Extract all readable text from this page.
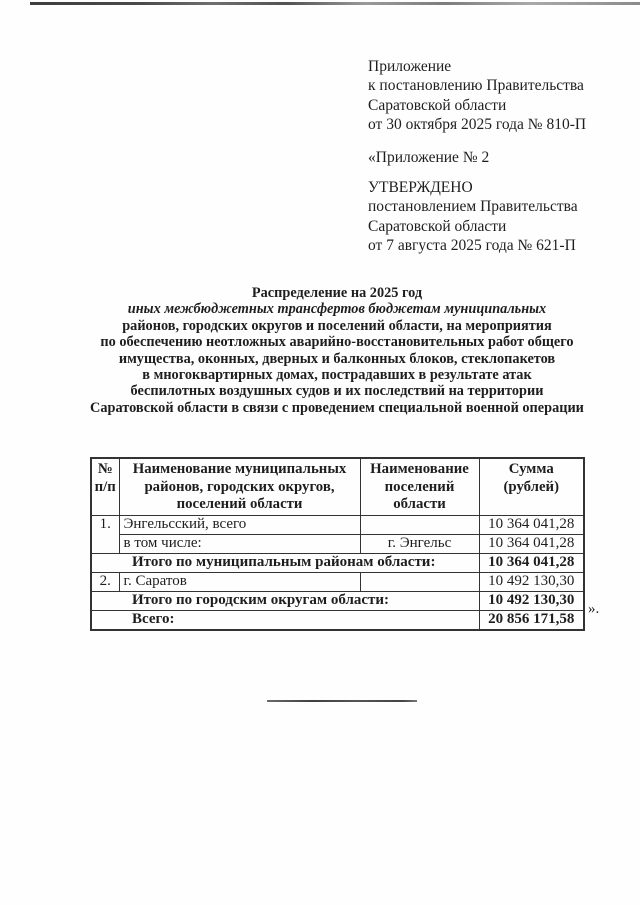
Приложение
к постановлению Правительства
Саратовской области
от 30 октября 2025 года № 810-П
«Приложение № 2
УТВЕРЖДЕНО
постановлением Правительства
Саратовской области
от 7 августа 2025 года № 621-П
Распределение на 2025 год
иных межбюджетных трансфертов бюджетам муниципальных
районов, городских округов и поселений области, на мероприятия
по обеспечению неотложных аварийно-восстановительных работ общего
имущества, оконных, дверных и балконных блоков, стеклопакетов
в многоквартирных домах, пострадавших в результате атак
беспилотных воздушных судов и их последствий на территории
Саратовской области в связи с проведением специальной военной операции
№ п/п	Наименование муниципальных районов, городских округов, поселений области	Наименование поселений области	Сумма (рублей)
1.	Энгельсский, всего		10 364 041,28
	в том числе:	г. Энгельс	10 364 041,28
Итого по муниципальным районам области:			10 364 041,28
2.	г. Саратов		10 492 130,30
Итого по городским округам области:			10 492 130,30
Всего:			20 856 171,58
».
